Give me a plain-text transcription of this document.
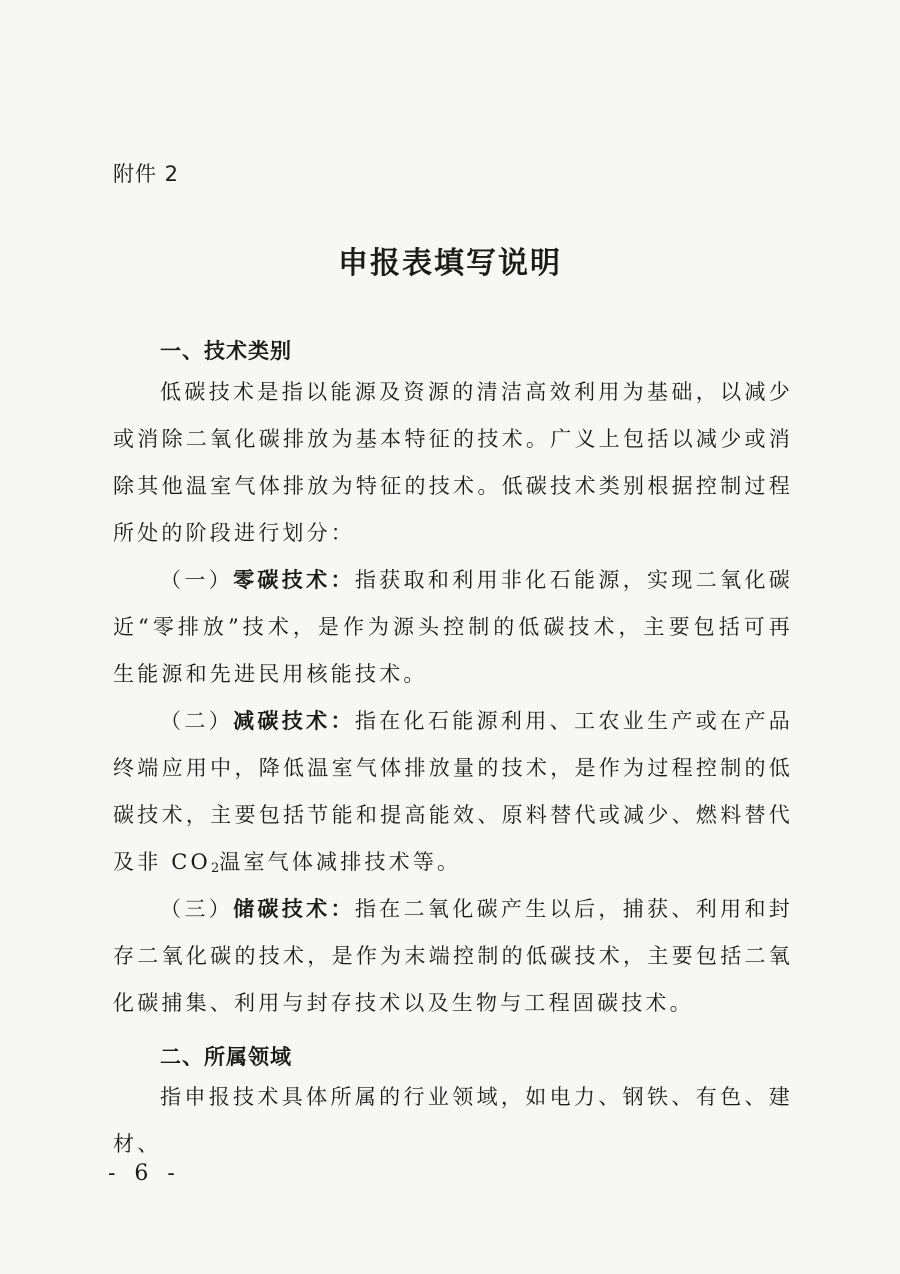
附件 2
申报表填写说明
一、技术类别

低碳技术是指以能源及资源的清洁高效利用为基础，以减少或消除二氧化碳排放为基本特征的技术。广义上包括以减少或消除其他温室气体排放为特征的技术。低碳技术类别根据控制过程所处的阶段进行划分：

（一）零碳技术：指获取和利用非化石能源，实现二氧化碳近“零排放”技术，是作为源头控制的低碳技术，主要包括可再生能源和先进民用核能技术。

（二）减碳技术：指在化石能源利用、工农业生产或在产品终端应用中，降低温室气体排放量的技术，是作为过程控制的低碳技术，主要包括节能和提高能效、原料替代或减少、燃料替代及非 $CO_2$温室气体减排技术等。

（三）储碳技术：指在二氧化碳产生以后，捕获、利用和封存二氧化碳的技术，是作为末端控制的低碳技术，主要包括二氧化碳捕集、利用与封存技术以及生物与工程固碳技术。

二、所属领域

指申报技术具体所属的行业领域，如电力、钢铁、有色、建材、

- 6 -
